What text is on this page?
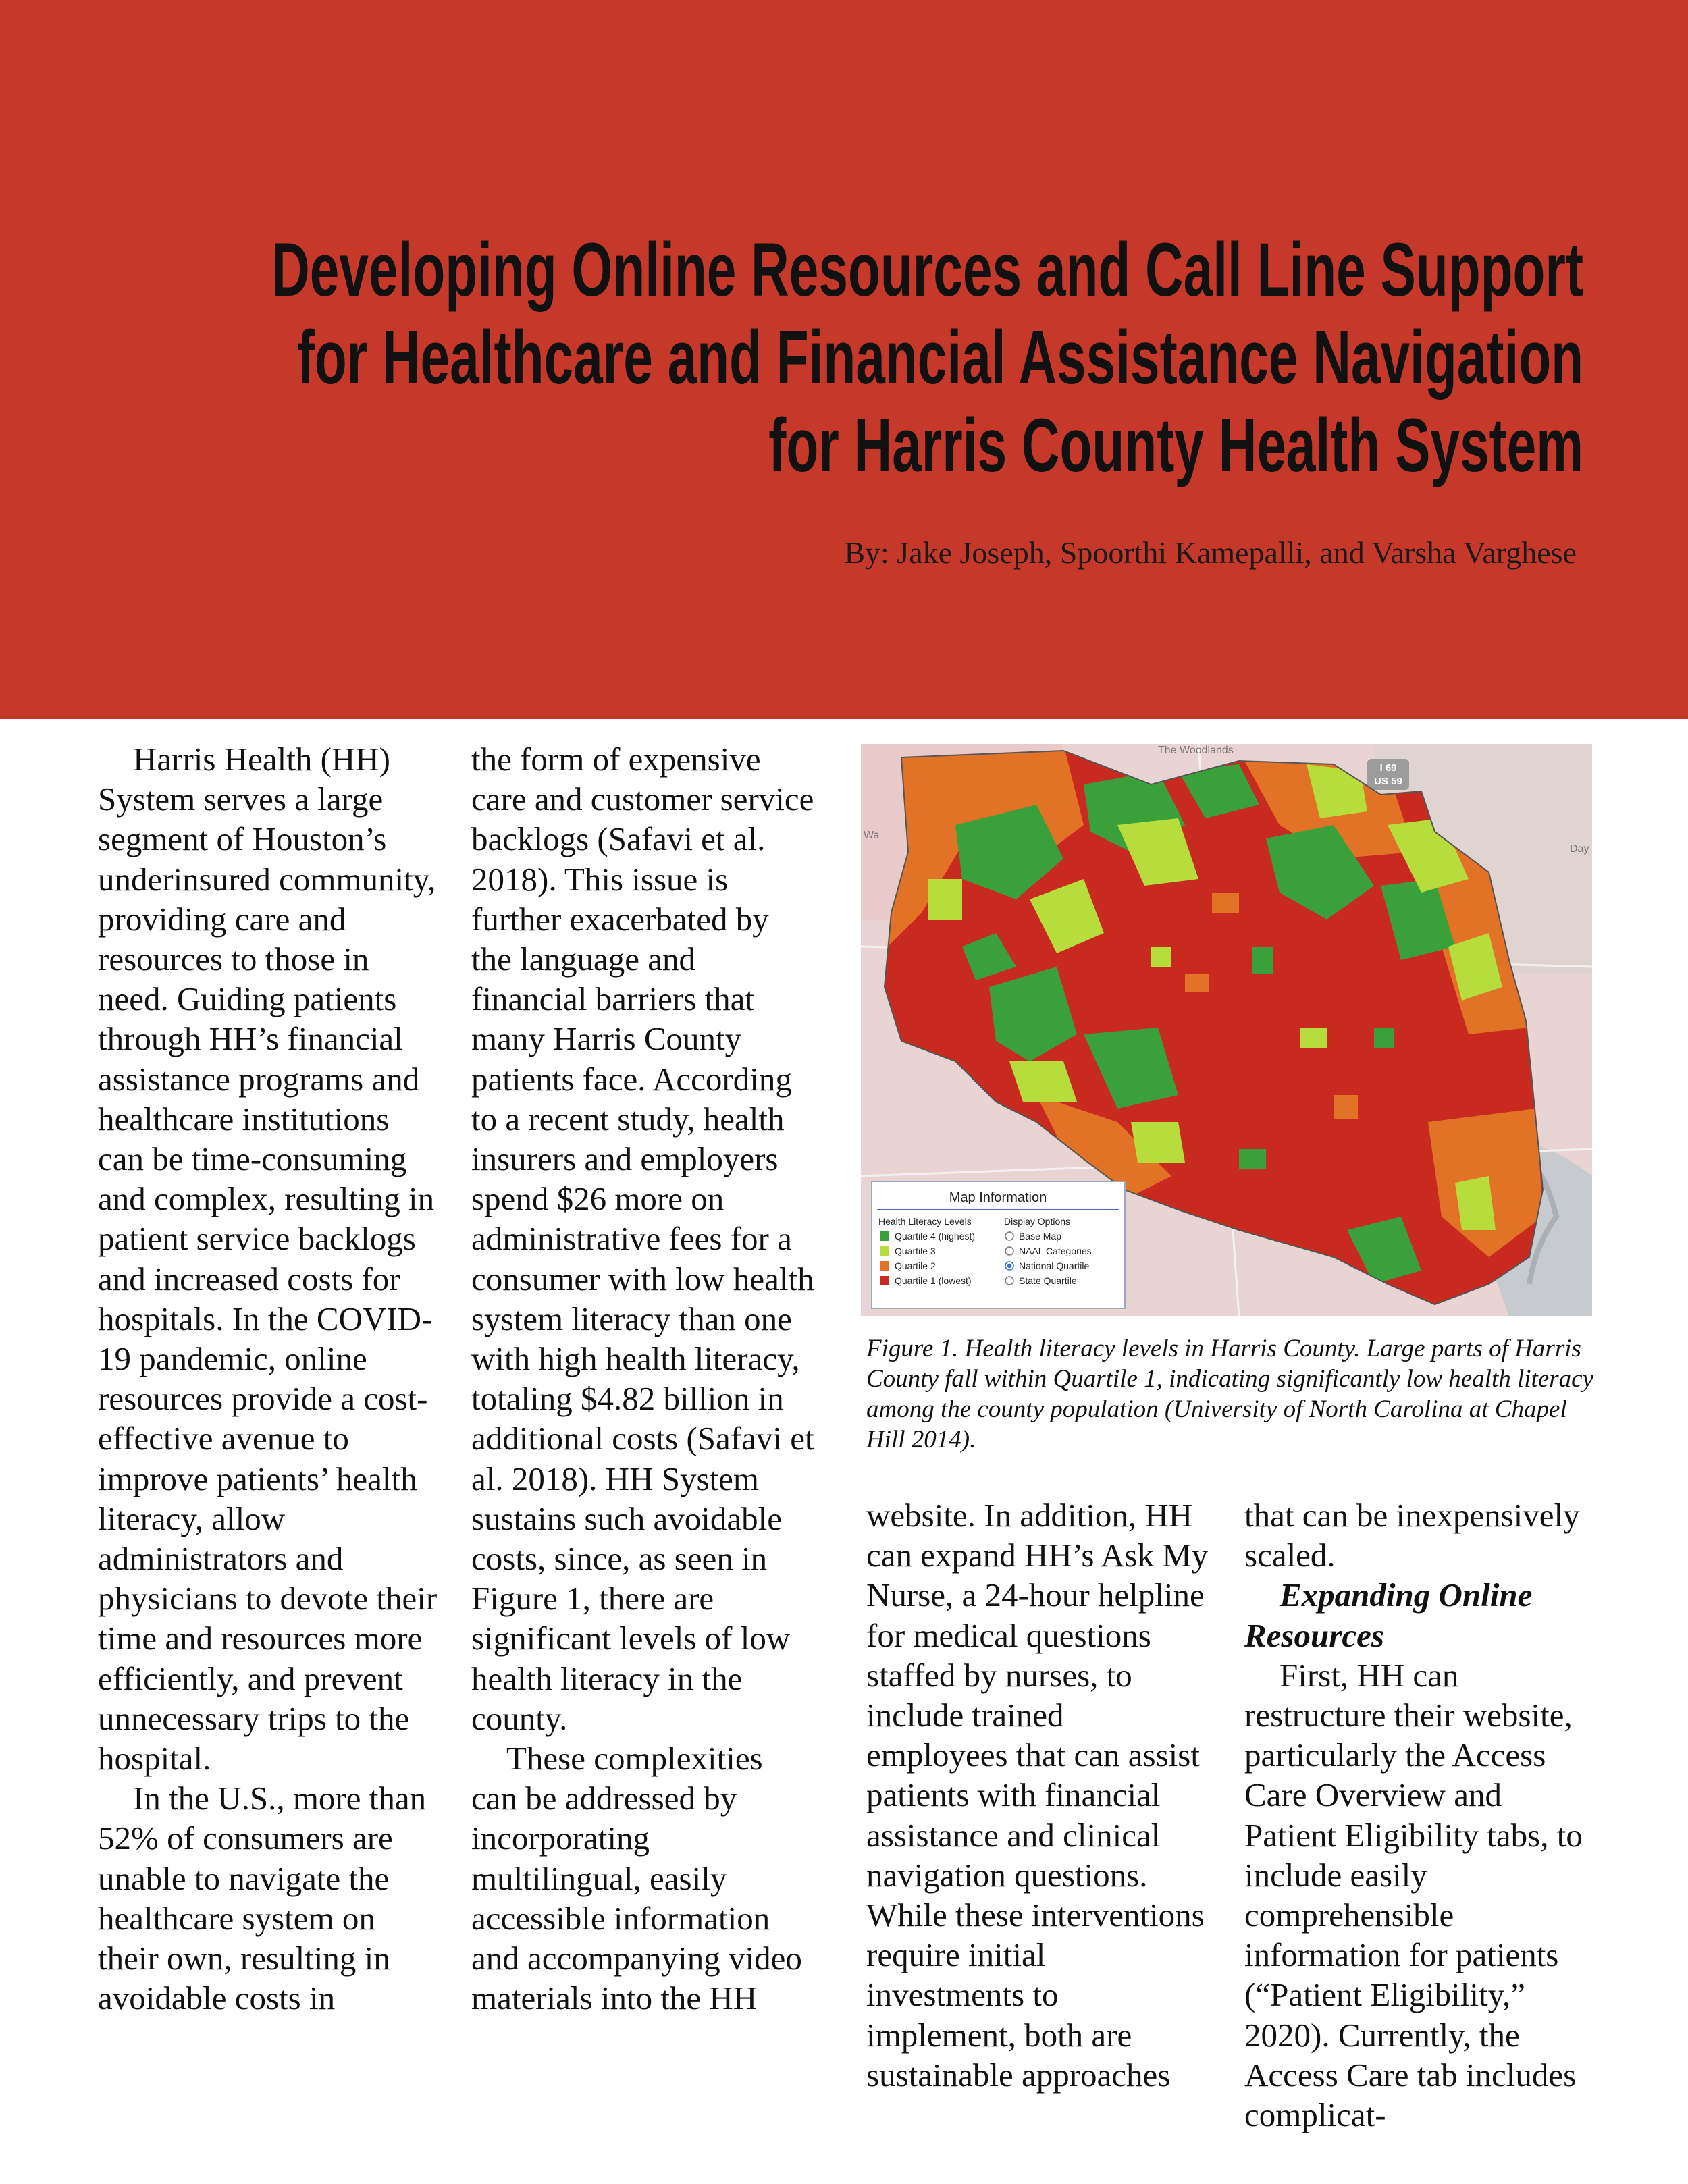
Developing Online Resources and Call Line Support
for Healthcare and Financial Assistance Navigation
for Harris County Health System

By: Jake Joseph, Spoorthi Kamepalli, and Varsha Varghese

Harris Health (HH) System serves a large segment of Houston’s underinsured community, providing care and resources to those in need. Guiding patients through HH’s financial assistance programs and healthcare institutions can be time-consuming and complex, resulting in patient service backlogs and increased costs for hospitals. In the COVID-19 pandemic, online resources provide a cost-effective avenue to improve patients’ health literacy, allow administrators and physicians to devote their time and resources more efficiently, and prevent unnecessary trips to the hospital.

In the U.S., more than 52% of consumers are unable to navigate the healthcare system on their own, resulting in avoidable costs in

the form of expensive care and customer service backlogs (Safavi et al. 2018). This issue is further exacerbated by the language and financial barriers that many Harris County patients face. According to a recent study, health insurers and employers spend $26 more on administrative fees for a consumer with low health system literacy than one with high health literacy, totaling $4.82 billion in additional costs (Safavi et al. 2018). HH System sustains such avoidable costs, since, as seen in Figure 1, there are significant levels of low health literacy in the county.

These complexities can be addressed by incorporating multilingual, easily accessible information and accompanying video materials into the HH

The Woodlands
I 69
US 59
Wa
Day
Map Information
Health Literacy Levels
Quartile 4 (highest)
Quartile 3
Quartile 2
Quartile 1 (lowest)
Display Options
Base Map
NAAL Categories
National Quartile
State Quartile

Figure 1. Health literacy levels in Harris County. Large parts of Harris County fall within Quartile 1, indicating significantly low health literacy among the county population (University of North Carolina at Chapel Hill 2014).

website. In addition, HH can expand HH’s Ask My Nurse, a 24-hour helpline for medical questions staffed by nurses, to include trained employees that can assist patients with financial assistance and clinical navigation questions. While these interventions require initial investments to implement, both are sustainable approaches

that can be inexpensively scaled.

Expanding Online Resources

First, HH can restructure their website, particularly the Access Care Overview and Patient Eligibility tabs, to include easily comprehensible information for patients (“Patient Eligibility,” 2020). Currently, the Access Care tab includes complicat-
